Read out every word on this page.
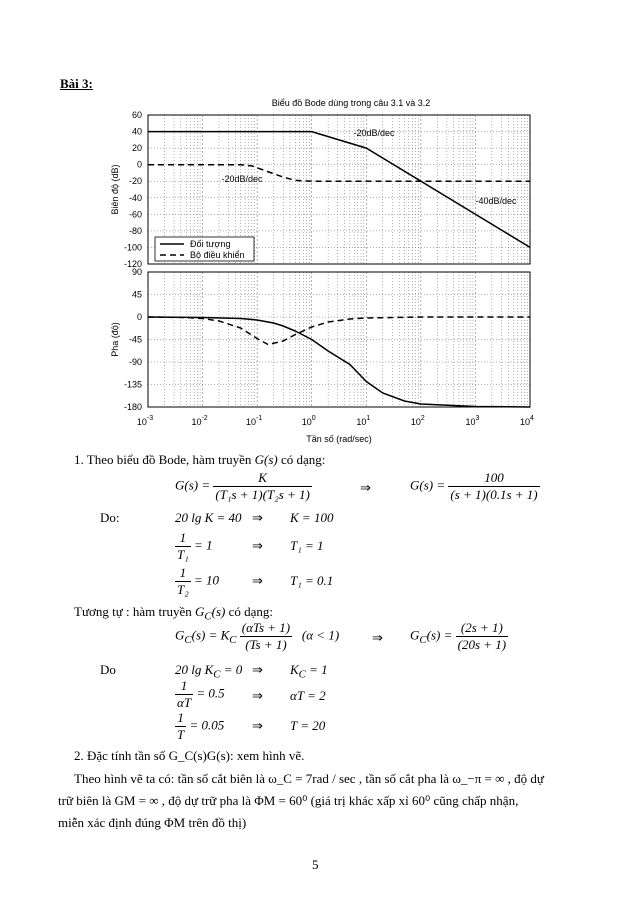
Bài 3:
60
40
20
0
-20
-40
-60
-80
-100
-120
Biên độ (dB)
90
45
0
-45
-90
-135
-180
Pha (độ)
Biểu đồ Bode dùng trong câu 3.1 và 3.2
-20dB/dec
-20dB/dec
-40dB/dec
Đối tượng
Bộ điều khiển
$10^{-3}$	$10^{-2}$	$10^{-1}$	$10^0$	$10^1$	$10^2$	$10^3$	$10^4$
Tần số (rad/sec)
1. Theo biểu đồ Bode, hàm truyền G(s) có dạng:
$G(s) = \frac{K}{\text{(T₁s + 1)(T₂s + 1)}}$	⇒	$G(s) = \frac{100}{(s + 1)(0.1s + 1)}$
Do:	20 lg K = 40 ⇒ K = 100
$\frac{1}{\text{T₁}} = 1$	⇒ T₁ = 1
$\frac{1}{\text{T₂}} = 10$	⇒ T₁ = 0.1
Tương tự : hàm truyền $G_C(s)$ có dạng:
$G_C(s) = K_C \frac{\text{(αTs + 1)}}{(Ts + 1)} (\alpha < 1)$	⇒ $G_C(s) = \frac{(2s + 1)}{(20s + 1)}$
Do	20 $\lg K_C = 0$ ⇒ $K_C = 1$
$\frac{1}{\alpha T} = 0.5$ ⇒ αT = 2
$\frac{1}{T} = 0.05$ ⇒ T = 20
2. Đặc tính tần số G_C(s)G(s): xem hình vẽ.
Theo hình vẽ ta có: tần số cắt biên là ω_C = 7rad / sec , tần số cắt pha là ω_−π = ∞ , độ dự
trữ biên là GM = ∞ , độ dự trữ pha là ΦM = 60⁰ (giá trị khác xấp xỉ 60⁰ cũng chấp nhận,
miễn xác định đúng ΦM trên đồ thị)
5
